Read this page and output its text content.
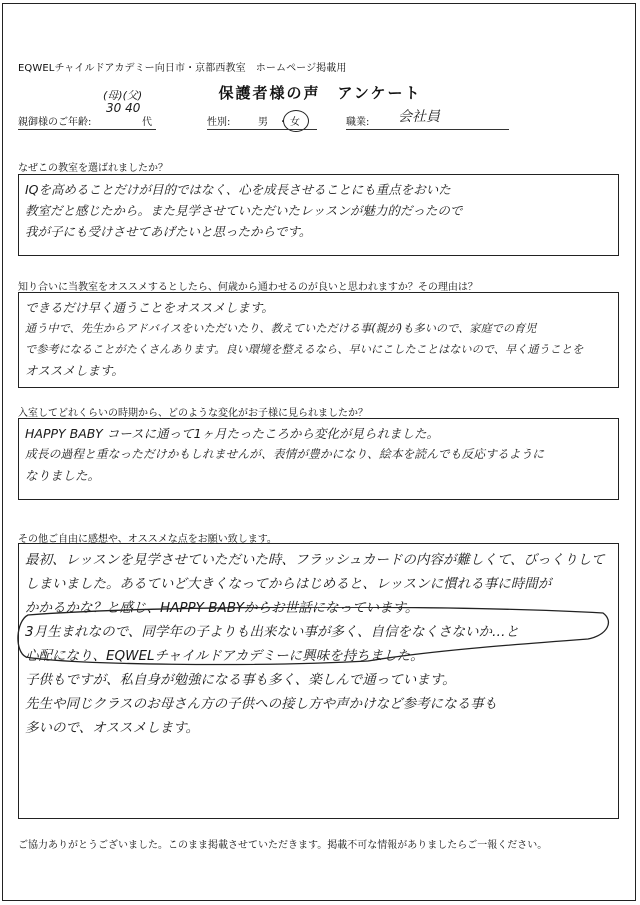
EQWELチャイルドアカデミー向日市・京都西教室　ホームページ掲載用
保護者様の声　アンケート
(母)(父)
30 40
親御様のご年齢:	代	性別:	男 ・ 女	職業: 会社員
なぜこの教室を選ばれましたか？

IQを高めることだけが目的ではなく、心を成長させることにも重点をおいた

教室だと感じたから。また見学させていただいたレッスンが魅力的だったので

我が子にも受けさせてあげたいと思ったからです。

知り合いに当教室をオススメするとしたら、何歳から通わせるのが良いと思われますか？その理由は？

できるだけ早く通うことをオススメします。

通う中で、先生からアドバイスをいただいたり、教えていただける事(親が)も多いので、家庭での育児

で参考になることがたくさんあります。良い環境を整えるなら、早いにこしたことはないので、早く通うことを

オススメします。

入室してどれくらいの時期から、どのような変化がお子様に見られましたか？

HAPPY BABY コースに通って1ヶ月たったころから変化が見られました。

成長の過程と重なっただけかもしれませんが、表情が豊かになり、絵本を読んでも反応するように

なりました。

その他ご自由に感想や、オススメな点をお願い致します。

最初、レッスンを見学させていただいた時、フラッシュカードの内容が難しくて、びっくりして

しまいました。あるていど大きくなってからはじめると、レッスンに慣れる事に時間が

かかるかな？と感じ、HAPPY BABYからお世話になっています。

3月生まれなので、同学年の子よりも出来ない事が多く、自信をなくさないか…と

心配になり、EQWELチャイルドアカデミーに興味を持ちました。

子供もですが、私自身が勉強になる事も多く、楽しんで通っています。

先生や同じクラスのお母さん方の子供への接し方や声かけなど参考になる事も

多いので、オススメします。

ご協力ありがとうございました。このまま掲載させていただきます。掲載不可な情報がありましたらご一報ください。
